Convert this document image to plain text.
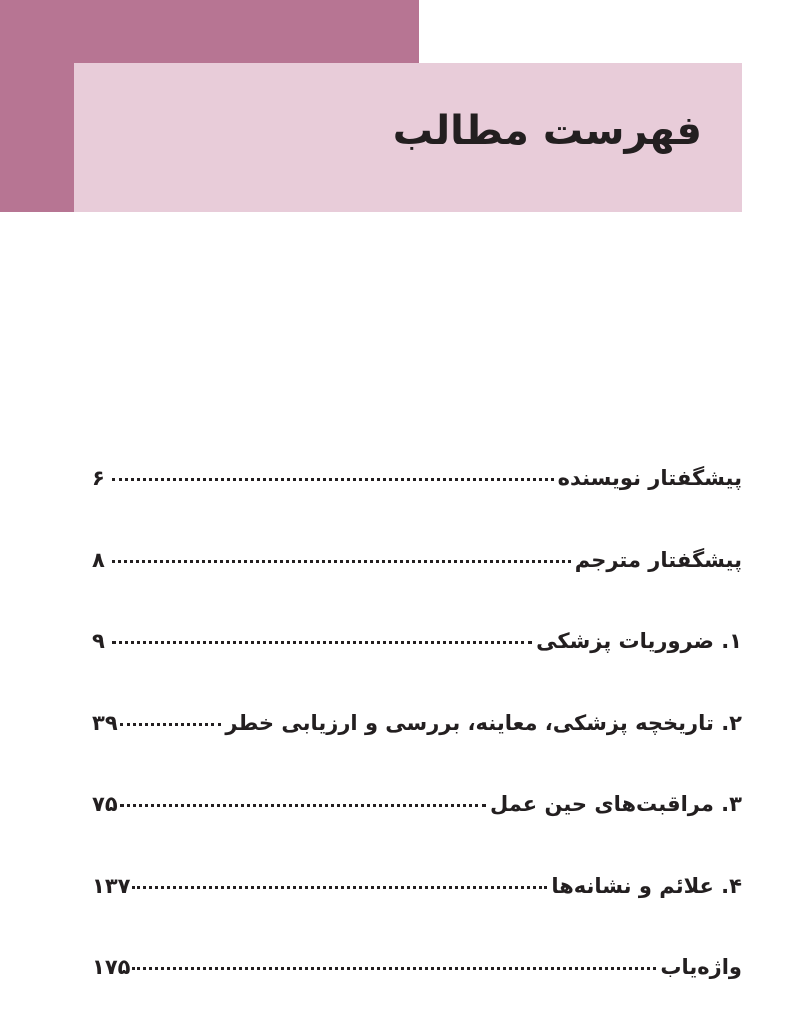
فهرست مطالب
پیشگفتار نویسنده
۶
پیشگفتار مترجم
۸
۱. ضروریات پزشکی
۹
۲. تاریخچه پزشکی، معاینه، بررسی و ارزیابی خطر
۳۹
۳. مراقبت‌های حین عمل
۷۵
۴. علائم و نشانه‌ها
۱۳۷
واژه‌یاب
۱۷۵
